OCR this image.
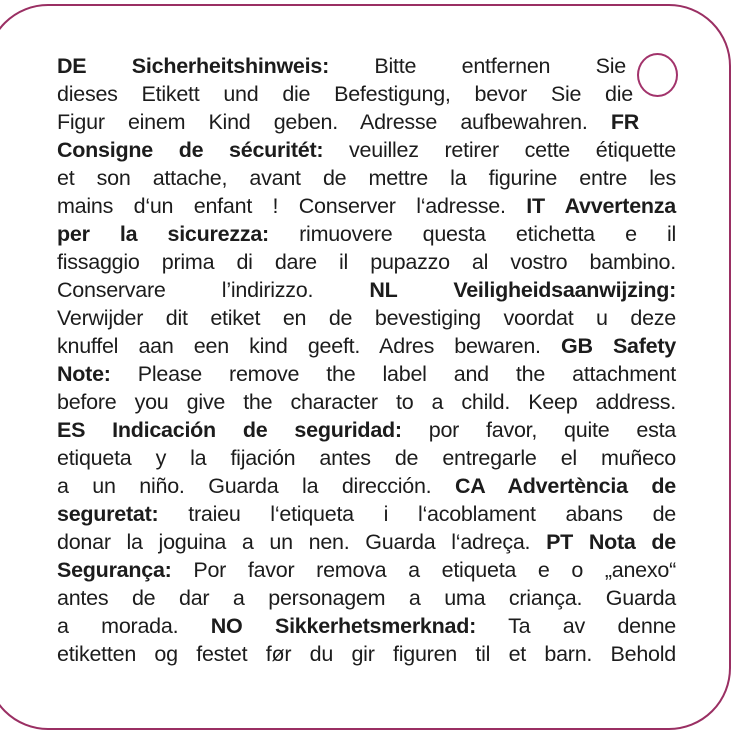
DE Sicherheitshinweis: Bitte entfernen Sie
dieses Etikett und die Befestigung, bevor Sie die
Figur einem Kind geben. Adresse aufbewahren. FR
Consigne de sécuritét: veuillez retirer cette étiquette
et son attache, avant de mettre la figurine entre les
mains d‘un enfant ! Conserver l‘adresse. IT Avvertenza
per la sicurezza: rimuovere questa etichetta e il
fissaggio prima di dare il pupazzo al vostro bambino.
Conservare l’indirizzo. NL Veiligheidsaanwijzing:
Verwijder dit etiket en de bevestiging voordat u deze
knuffel aan een kind geeft. Adres bewaren. GB Safety
Note: Please remove the label and the attachment
before you give the character to a child. Keep address.
ES Indicación de seguridad: por favor, quite esta
etiqueta y la fijación antes de entregarle el muñeco
a un niño. Guarda la dirección. CA Advertència de
seguretat: traieu l‘etiqueta i l‘acoblament abans de
donar la joguina a un nen. Guarda l‘adreça. PT Nota de
Segurança: Por favor remova a etiqueta e o „anexo“
antes de dar a personagem a uma criança. Guarda
a morada. NO Sikkerhetsmerknad: Ta av denne
etiketten og festet før du gir figuren til et barn. Behold
